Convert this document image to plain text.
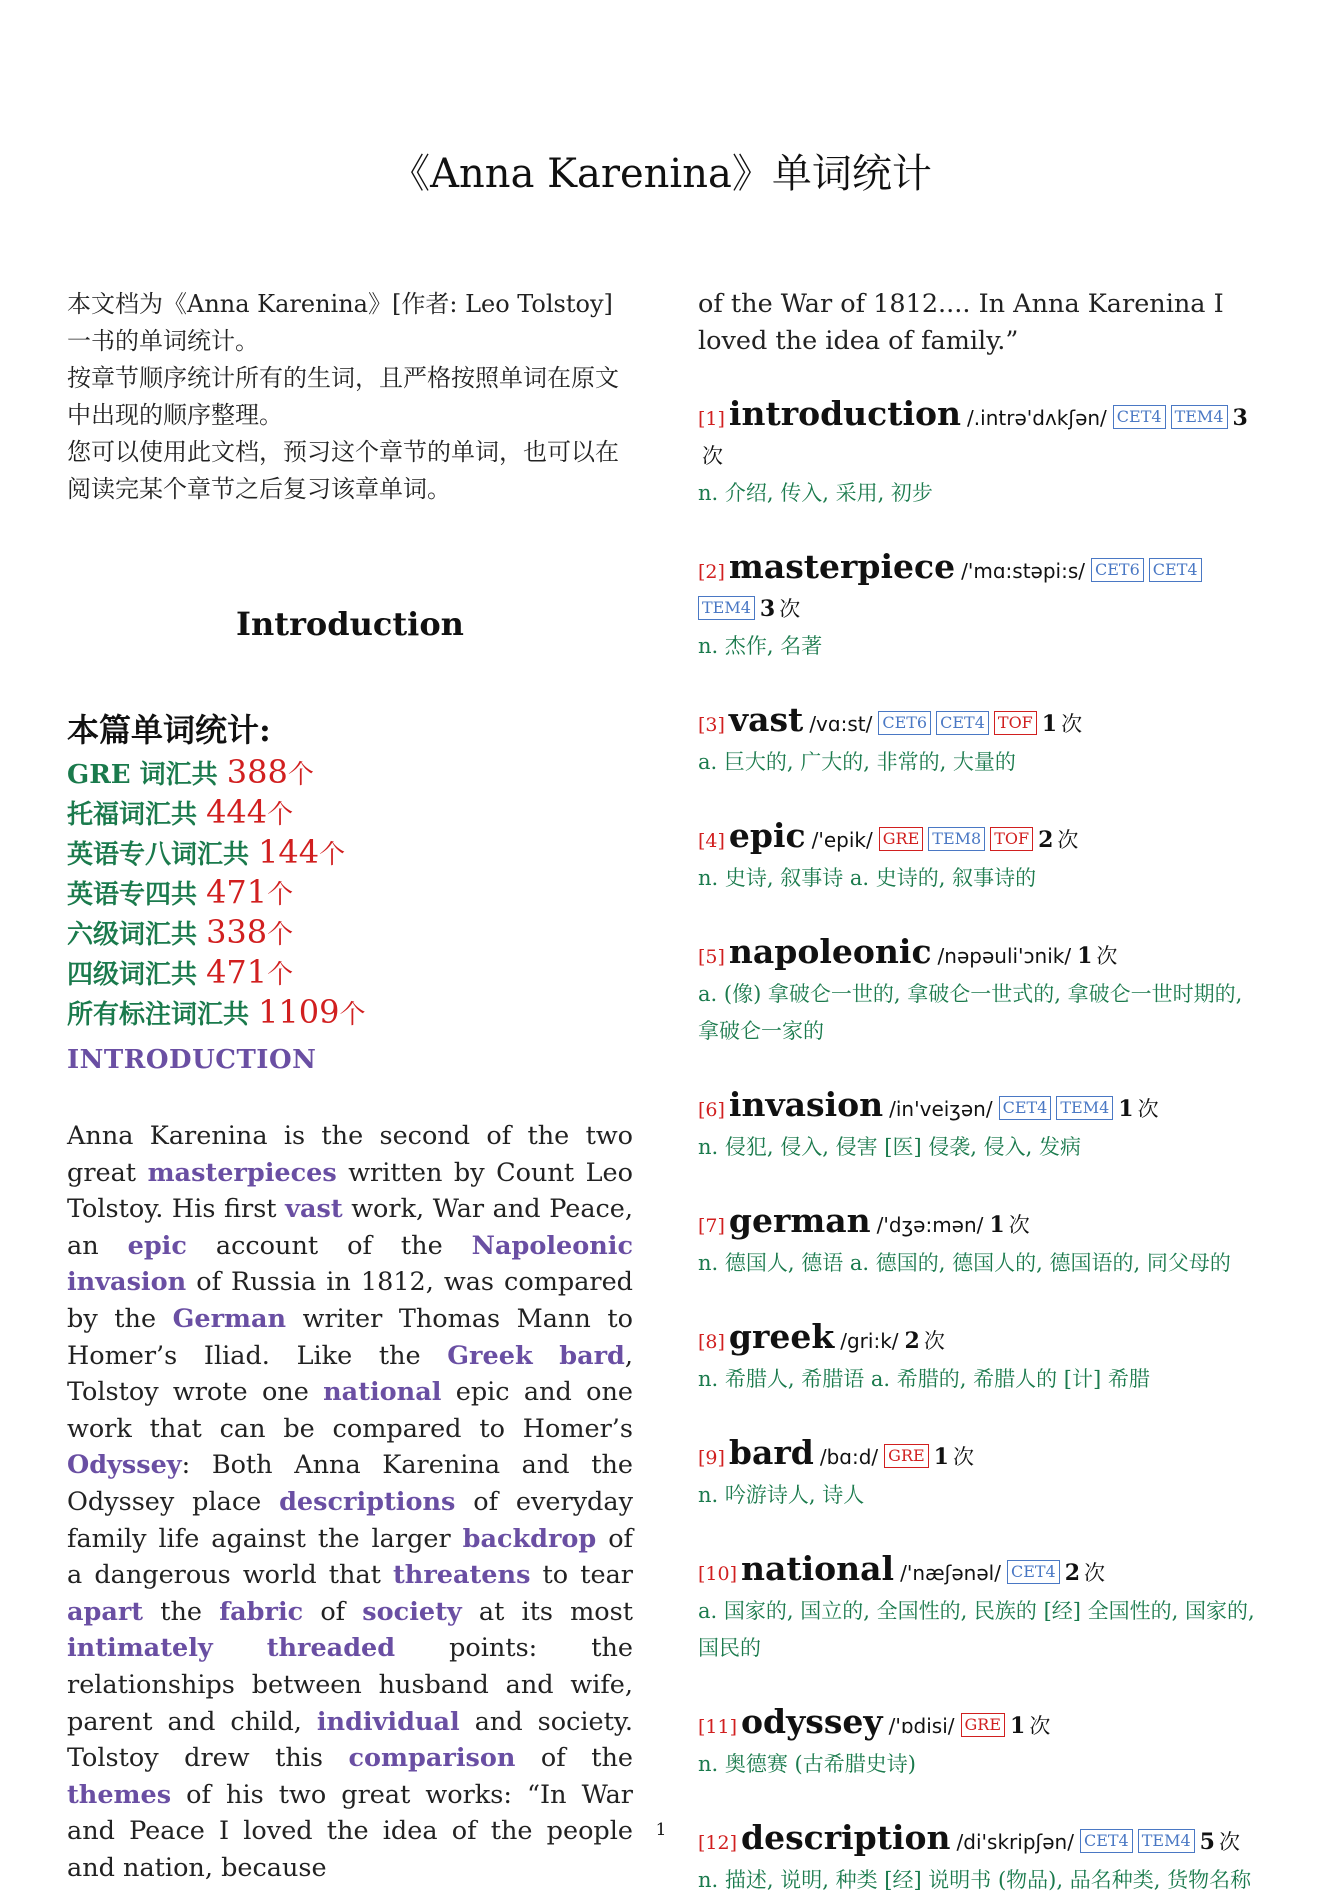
《Anna Karenina》单词统计

本文档为《Anna Karenina》[作者: Leo Tolstoy] 一书的单词统计。

按章节顺序统计所有的生词，且严格按照单词在原文中出现的顺序整理。

您可以使用此文档，预习这个章节的单词，也可以在阅读完某个章节之后复习该章单词。

Introduction
本篇单词统计:
GRE 词汇共 388个
托福词汇共 444个
英语专八词汇共 144个
英语专四共 471个
六级词汇共 338个
四级词汇共 471个
所有标注词汇共 1109个
INTRODUCTION

Anna Karenina is the second of the two great masterpieces written by Count Leo Tolstoy. His first vast work, War and Peace, an epic account of the Napoleonic invasion of Russia in 1812, was compared by the German writer Thomas Mann to Homer’s Iliad. Like the Greek bard, Tolstoy wrote one national epic and one work that can be compared to Homer’s Odyssey: Both Anna Karenina and the Odyssey place descriptions of everyday family life against the larger backdrop of a dangerous world that threatens to tear apart the fabric of society at its most intimately threaded points: the relationships between husband and wife, parent and child, individual and society. Tolstoy drew this comparison of the themes of his two great works: “In War and Peace I loved the idea of the people and nation, because

of the War of 1812.... In Anna Karenina I loved the idea of family.”

[1] introduction /.intrə'dʌkʃən/ CET4 TEM4 3次
n. 介绍, 传入, 采用, 初步
[2] masterpiece /'mɑ:stəpi:s/ CET6 CET4TEM4 3 次
n. 杰作, 名著
[3] vast /vɑ:st/ CET6 CET4 TOF 1 次
a. 巨大的, 广大的, 非常的, 大量的
[4] epic /'epik/ GRE TEM8 TOF 2 次
n. 史诗, 叙事诗 a. 史诗的, 叙事诗的
[5] napoleonic /nəpəuli'ɔnik/ 1 次
a. (像) 拿破仑一世的, 拿破仑一世式的, 拿破仑一世时期的, 拿破仑一家的
[6] invasion /in'veiʒən/ CET4 TEM4 1 次
n. 侵犯, 侵入, 侵害 [医] 侵袭, 侵入, 发病
[7] german /'dʒə:mən/ 1 次
n. 德国人, 德语 a. 德国的, 德国人的, 德国语的, 同父母的
[8] greek /gri:k/ 2 次
n. 希腊人, 希腊语 a. 希腊的, 希腊人的 [计] 希腊
[9] bard /bɑ:d/ GRE 1 次
n. 吟游诗人, 诗人
[10] national /'næʃənəl/ CET4 2 次
a. 国家的, 国立的, 全国性的, 民族的 [经] 全国性的, 国家的, 国民的
[11] odyssey /'ɒdisi/ GRE 1 次
n. 奥德赛 (古希腊史诗)
[12] description /di'skripʃən/ CET4 TEM4 5 次
n. 描述, 说明, 种类 [经] 说明书 (物品), 品名种类, 货物名称
1
